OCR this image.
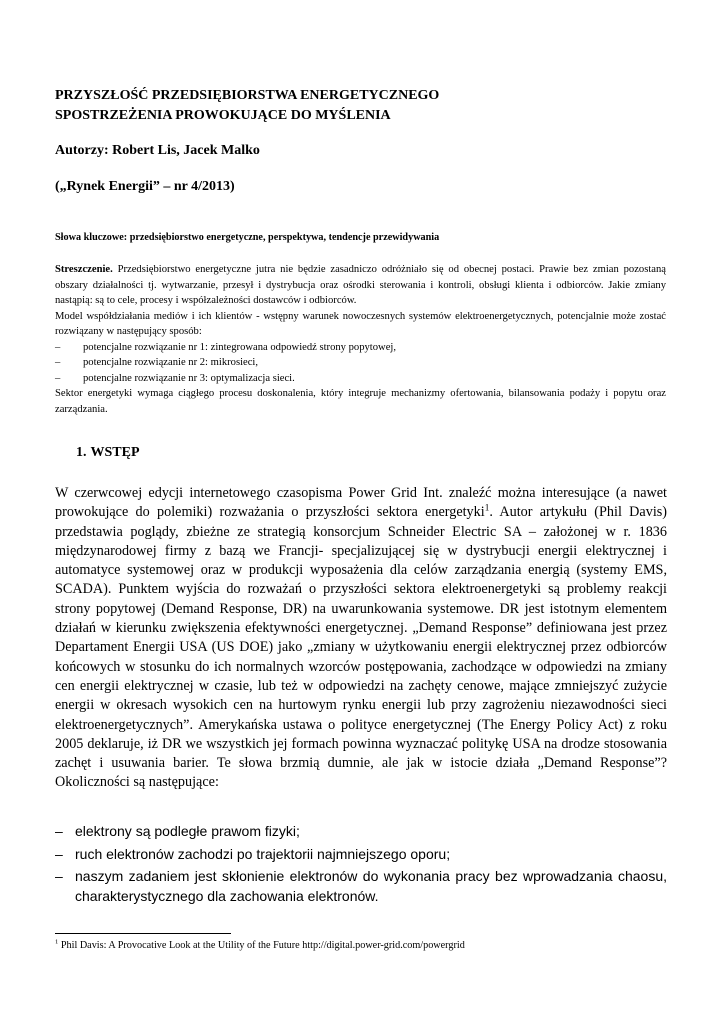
PRZYSZŁOŚĆ PRZEDSIĘBIORSTWA ENERGETYCZNEGO
SPOSTRZEŻENIA PROWOKUJĄCE DO MYŚLENIA
Autorzy: Robert Lis, Jacek Malko
(„Rynek Energii” – nr 4/2013)
Słowa kluczowe: przedsiębiorstwo energetyczne, perspektywa, tendencje przewidywania

Streszczenie. Przedsiębiorstwo energetyczne jutra nie będzie zasadniczo odróżniało się od obecnej postaci. Prawie bez zmian pozostaną obszary działalności tj. wytwarzanie, przesył i dystrybucja oraz ośrodki sterowania i kontroli, obsługi klienta i odbiorców. Jakie zmiany nastąpią: są to cele, procesy i współzależności dostawców i odbiorców.

Model współdziałania mediów i ich klientów - wstępny warunek nowoczesnych systemów elektroenergetycznych, potencjalnie może zostać rozwiązany w następujący sposób:

– potencjalne rozwiązanie nr 1: zintegrowana odpowiedź strony popytowej,
– potencjalne rozwiązanie nr 2: mikrosieci,
– potencjalne rozwiązanie nr 3: optymalizacja sieci.

Sektor energetyki wymaga ciągłego procesu doskonalenia, który integruje mechanizmy ofertowania, bilansowania podaży i popytu oraz zarządzania.

1. WSTĘP

W czerwcowej edycji internetowego czasopisma Power Grid Int. znaleźć można interesujące (a nawet prowokujące do polemiki) rozważania o przyszłości sektora energetyki$^1$. Autor artykułu (Phil Davis) przedstawia poglądy, zbieżne ze strategią konsorcjum Schneider Electric SA – założonej w r. 1836 międzynarodowej firmy z bazą we Francji- specjalizującej się w dystrybucji energii elektrycznej i automatyce systemowej oraz w produkcji wyposażenia dla celów zarządzania energią (systemy EMS, SCADA). Punktem wyjścia do rozważań o przyszłości sektora elektroenergetyki są problemy reakcji strony popytowej (Demand Response, DR) na uwarunkowania systemowe. DR jest istotnym elementem działań w kierunku zwiększenia efektywności energetycznej. „Demand Response” definiowana jest przez Departament Energii USA (US DOE) jako „zmiany w użytkowaniu energii elektrycznej przez odbiorców końcowych w stosunku do ich normalnych wzorców postępowania, zachodzące w odpowiedzi na zmiany cen energii elektrycznej w czasie, lub też w odpowiedzi na zachęty cenowe, mające zmniejszyć zużycie energii w okresach wysokich cen na hurtowym rynku energii lub przy zagrożeniu niezawodności sieci elektroenergetycznych”. Amerykańska ustawa o polityce energetycznej (The Energy Policy Act) z roku 2005 deklaruje, iż DR we wszystkich jej formach powinna wyznaczać politykę USA na drodze stosowania zachęt i usuwania barier. Te słowa brzmią dumnie, ale jak w istocie działa „Demand Response”? Okoliczności są następujące:

– elektrony są podległe prawom fizyki;
– ruch elektronów zachodzi po trajektorii najmniejszego oporu;
– naszym zadaniem jest skłonienie elektronów do wykonania pracy bez wprowadzania chaosu, charakterystycznego dla zachowania elektronów.
$^1$ Phil Davis: A Provocative Look at the Utility of the Future http://digital.power-grid.com/powergrid
